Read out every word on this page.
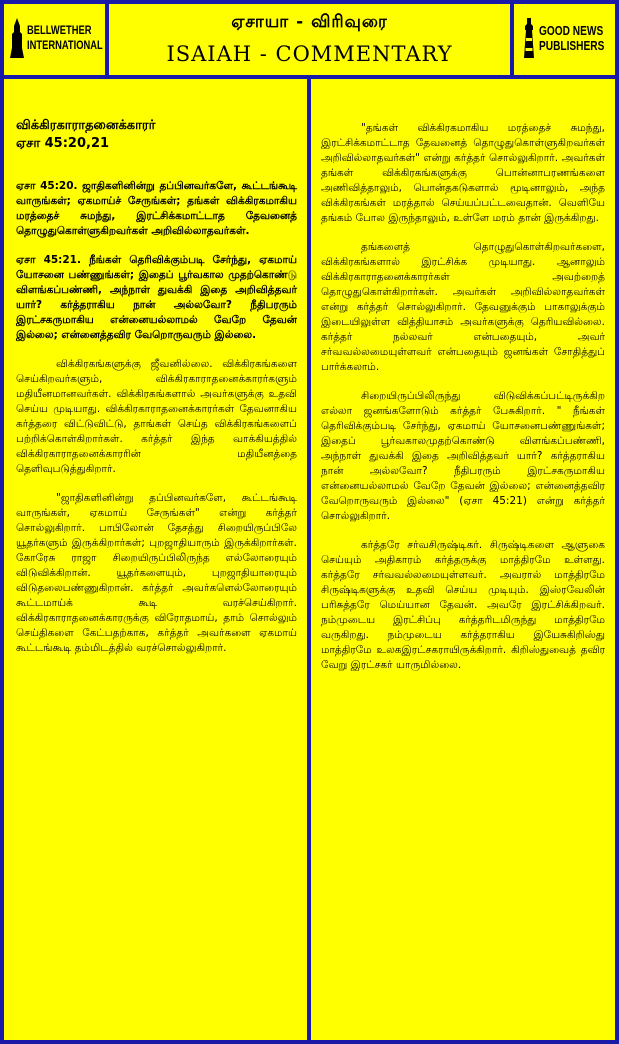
BELLWETHER
INTERNATIONAL
ஏசாயா - விரிவுரை
ISAIAH - COMMENTARY
GOOD NEWS
PUBLISHERS
விக்கிரகாராதனைக்காரர்
ஏசா 45:20,21

ஏசா 45:20. ஜாதிகளினின்று தப்பினவர்களே, கூட்டங்கூடி வாருங்கள்; ஏகமாய்ச் சேருங்கள்; தங்கள் விக்கிரகமாகிய மரத்தைச் சுமந்து, இரட்சிக்கமாட்டாத தேவனைத் தொழுதுகொள்ளுகிறவர்கள் அறிவில்லாதவர்கள்.

ஏசா 45:21. நீங்கள் தெரிவிக்கும்படி சேர்ந்து, ஏகமாய் யோசனை பண்ணுங்கள்; இதைப் பூர்வகால முதற்கொண்டு விளங்கப்பண்ணி, அந்நாள் துவக்கி இதை அறிவித்தவர் யார்? கர்த்தராகிய நான் அல்லவோ? நீதிபரரும் இரட்சகருமாகிய என்னையல்லாமல் வேறே தேவன் இல்லை; என்னைத்தவிர வேறொருவரும் இல்லை.

விக்கிரகங்களுக்கு ஜீவனில்லை. விக்கிரகங்களை செய்கிறவர்களும், விக்கிரகாராதனைக்காரர்களும் மதியீனமானவர்கள். விக்கிரகங்களால் அவர்களுக்கு உதவி செய்ய முடியாது. விக்கிரகாராதனைக்காரர்கள் தேவனாகிய கர்த்தரை விட்டுவிட்டு, தாங்கள் செய்த விக்கிரகங்களைப் பற்றிக்கொள்கிறார்கள். கர்த்தர் இந்த வாக்கியத்தில் விக்கிரகாராதனைக்காரரின் மதியீனத்தை தெளிவுபடுத்துகிறார்.

"ஜாதிகளினின்று தப்பினவர்களே, கூட்டங்கூடி வாருங்கள், ஏகமாய் சேருங்கள்" என்று கர்த்தர் சொல்லுகிறார். பாபிலோன் தேசத்து சிறையிருப்பிலே யூதர்களும் இருக்கிறார்கள்; புறஜாதியாரும் இருக்கிறார்கள். கோரேசு ராஜா சிறையிருப்பிலிருந்த எல்லோரையும் விடுவிக்கிறான். யூதர்களையும், புறஜாதியாரையும் விடுதலைபண்ணுகிறான். கர்த்தர் அவர்களெல்லோரையும் கூட்டமாய்க் கூடி வரச்செய்கிறார். விக்கிரகாராதனைக்காரருக்கு விரோதமாய், தாம் சொல்லும் செய்திகளை கேட்பதற்காக, கர்த்தர் அவர்களை ஏகமாய் கூட்டங்கூடி தம்மிடத்தில் வரச்சொல்லுகிறார்.

"தங்கள் விக்கிரகமாகிய மரத்தைச் சுமந்து, இரட்சிக்கமாட்டாத தேவனைத் தொழுதுகொள்ளுகிறவர்கள் அறிவில்லாதவர்கள்" என்று கர்த்தர் சொல்லுகிறார். அவர்கள் தங்கள் விக்கிரகங்களுக்கு பொன்னாபரணங்களை அணிவித்தாலும், பொன்தகடுகளால் மூடினாலும், அந்த விக்கிரகங்கள் மரத்தால் செய்யப்பட்டவைதான். வெளியே தங்கம் போல இருந்தாலும், உள்ளே மரம் தான் இருக்கிறது.

தங்களைத் தொழுதுகொள்கிறவர்களை, விக்கிரகங்களால் இரட்சிக்க முடியாது. ஆனாலும் விக்கிரகாராதனைக்காரர்கள் அவற்றைத் தொழுதுகொள்கிறார்கள். அவர்கள் அறிவில்லாதவர்கள் என்று கர்த்தர் சொல்லுகிறார். தேவனுக்கும் பாகாலுக்கும் இடையிலுள்ள வித்தியாசம் அவர்களுக்கு தெரியவில்லை. கர்த்தர் நல்லவர் என்பதையும், அவர் சர்வவல்லமையுள்ளவர் என்பதையும் ஜனங்கள் சோதித்துப் பார்க்கலாம்.

சிறையிருப்பிலிருந்து விடுவிக்கப்பட்டிருக்கிற எல்லா ஜனங்களோடும் கர்த்தர் பேசுகிறார். " நீங்கள் தெரிவிக்கும்படி சேர்ந்து, ஏகமாய் யோசனைபண்ணுங்கள்; இதைப் பூர்வகாலமுதற்கொண்டு விளங்கப்பண்ணி, அந்நாள் துவக்கி இதை அறிவித்தவர் யார்? கர்த்தராகிய நான் அல்லவோ? நீதிபரரும் இரட்சகருமாகிய என்னையல்லாமல் வேறே தேவன் இல்லை; என்னைத்தவிர வேறொருவரும் இல்லை" (ஏசா 45:21) என்று கர்த்தர் சொல்லுகிறார்.

கர்த்தரே சர்வசிருஷ்டிகர். சிருஷ்டிகளை ஆளுகை செய்யும் அதிகாரம் கர்த்தருக்கு மாத்திரமே உள்ளது. கர்த்தரே சர்வவல்லமையுள்ளவர். அவரால் மாத்திரமே சிருஷ்டிகளுக்கு உதவி செய்ய முடியும். இஸ்ரவேலின் பரிசுத்தரே மெய்யான தேவன். அவரே இரட்சிக்கிறவர். நம்முடைய இரட்சிப்பு கர்த்தரிடமிருந்து மாத்திரமே வருகிறது. நம்முடைய கர்த்தராகிய இயேசுகிறிஸ்து மாத்திரமே உலகஇரட்சகராயிருக்கிறார். கிறிஸ்துவைத் தவிர வேறு இரட்சகர் யாருமில்லை.
